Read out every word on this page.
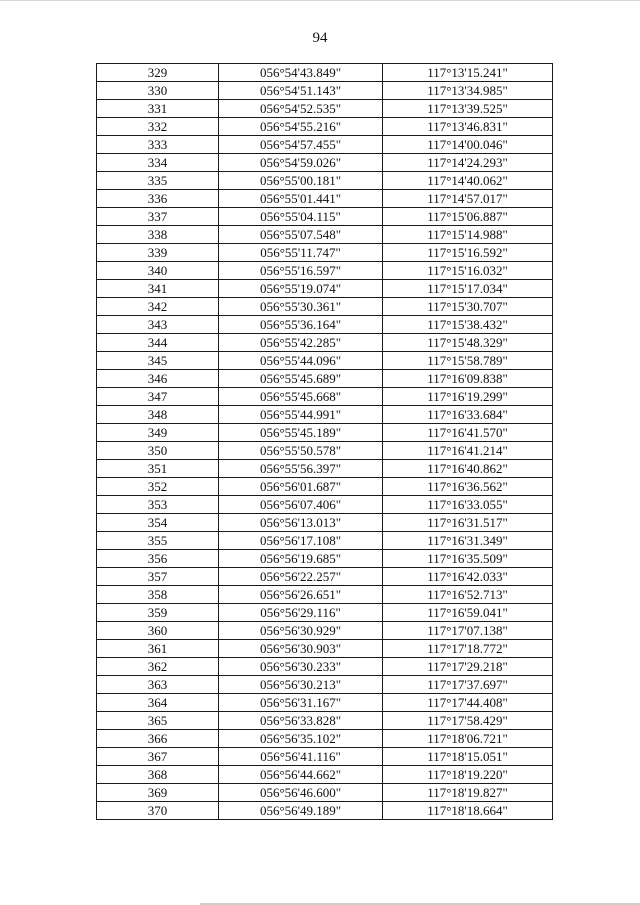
94
329	056°54'43.849"	117°13'15.241"
330	056°54'51.143"	117°13'34.985"
331	056°54'52.535"	117°13'39.525"
332	056°54'55.216"	117°13'46.831"
333	056°54'57.455"	117°14'00.046"
334	056°54'59.026"	117°14'24.293"
335	056°55'00.181"	117°14'40.062"
336	056°55'01.441"	117°14'57.017"
337	056°55'04.115"	117°15'06.887"
338	056°55'07.548"	117°15'14.988"
339	056°55'11.747"	117°15'16.592"
340	056°55'16.597"	117°15'16.032"
341	056°55'19.074"	117°15'17.034"
342	056°55'30.361"	117°15'30.707"
343	056°55'36.164"	117°15'38.432"
344	056°55'42.285"	117°15'48.329"
345	056°55'44.096"	117°15'58.789"
346	056°55'45.689"	117°16'09.838"
347	056°55'45.668"	117°16'19.299"
348	056°55'44.991"	117°16'33.684"
349	056°55'45.189"	117°16'41.570"
350	056°55'50.578"	117°16'41.214"
351	056°55'56.397"	117°16'40.862"
352	056°56'01.687"	117°16'36.562"
353	056°56'07.406"	117°16'33.055"
354	056°56'13.013"	117°16'31.517"
355	056°56'17.108"	117°16'31.349"
356	056°56'19.685"	117°16'35.509"
357	056°56'22.257"	117°16'42.033"
358	056°56'26.651"	117°16'52.713"
359	056°56'29.116"	117°16'59.041"
360	056°56'30.929"	117°17'07.138"
361	056°56'30.903"	117°17'18.772"
362	056°56'30.233"	117°17'29.218"
363	056°56'30.213"	117°17'37.697"
364	056°56'31.167"	117°17'44.408"
365	056°56'33.828"	117°17'58.429"
366	056°56'35.102"	117°18'06.721"
367	056°56'41.116"	117°18'15.051"
368	056°56'44.662"	117°18'19.220"
369	056°56'46.600"	117°18'19.827"
370	056°56'49.189"	117°18'18.664"
